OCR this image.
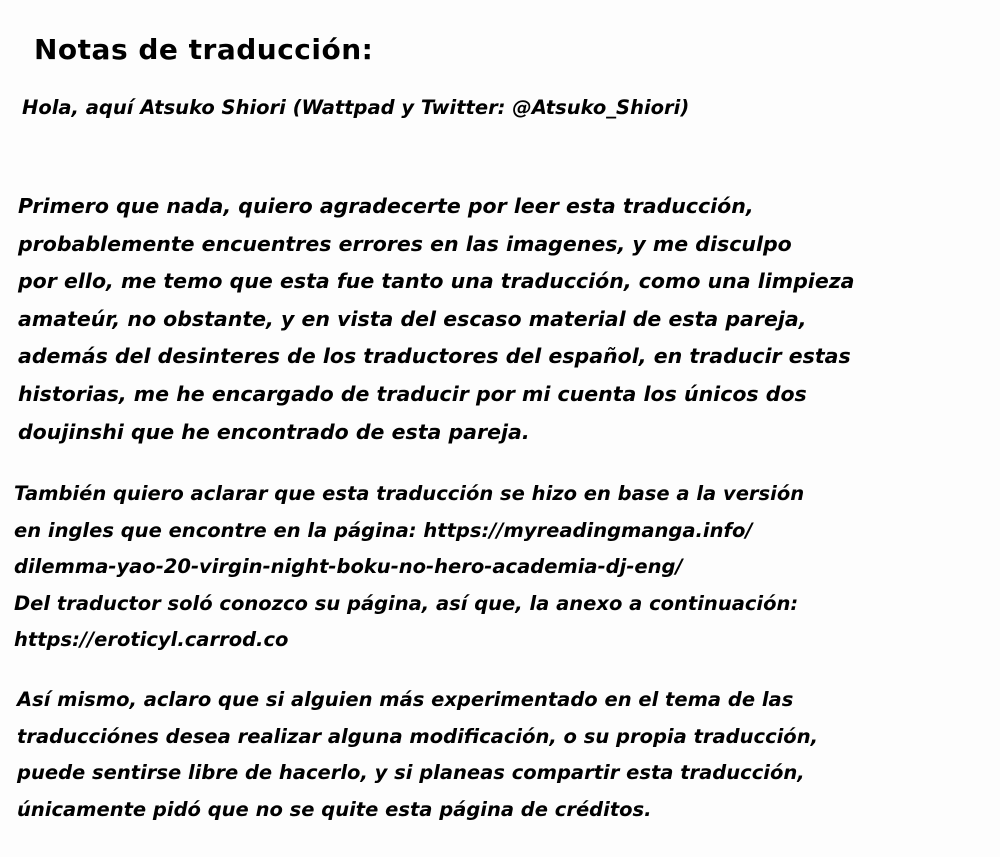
Notas de traducción:

Hola, aquí Atsuko Shiori (Wattpad y Twitter: @Atsuko_Shiori)

Primero que nada, quiero agradecerte por leer esta traducción,
probablemente encuentres errores en las imagenes, y me disculpo
por ello, me temo que esta fue tanto una traducción, como una limpieza
amateúr, no obstante, y en vista del escaso material de esta pareja,
además del desinteres de los traductores del español, en traducir estas
historias, me he encargado de traducir por mi cuenta los únicos dos
doujinshi que he encontrado de esta pareja.

También quiero aclarar que esta traducción se hizo en base a la versión
en ingles que encontre en la página: https://myreadingmanga.info/
dilemma-yao-20-virgin-night-boku-no-hero-academia-dj-eng/
Del traductor soló conozco su página, así que, la anexo a continuación:
https://eroticyl.carrod.co

Así mismo, aclaro que si alguien más experimentado en el tema de las
traducciónes desea realizar alguna modificación, o su propia traducción,
puede sentirse libre de hacerlo, y si planeas compartir esta traducción,
únicamente pidó que no se quite esta página de créditos.
